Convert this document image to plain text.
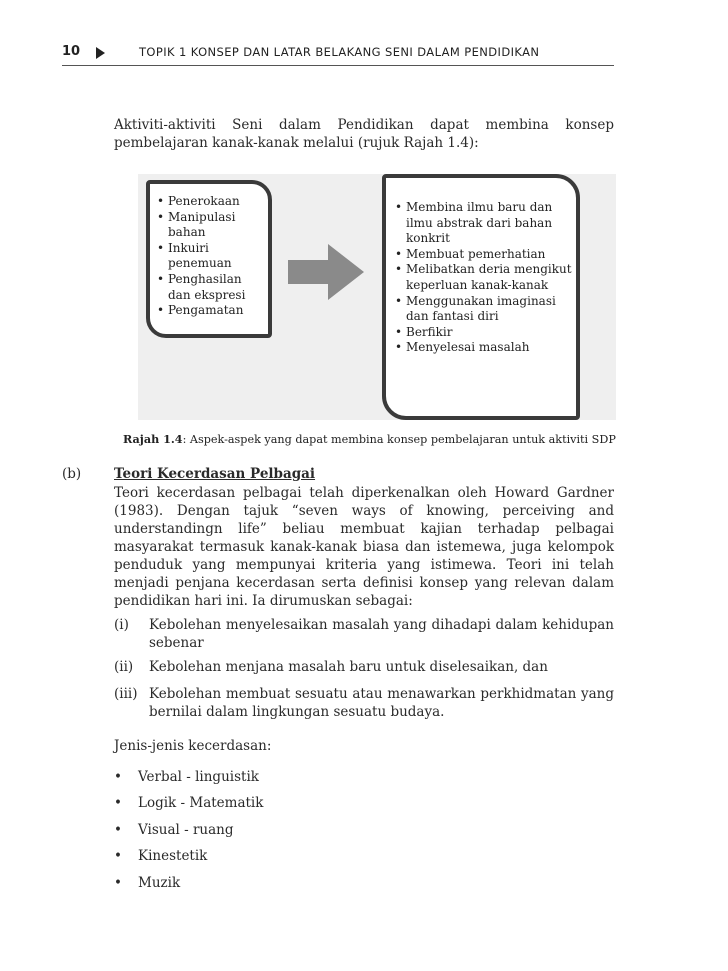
10	TOPIK 1 KONSEP DAN LATAR BELAKANG SENI DALAM PENDIDIKAN
Aktiviti-aktiviti Seni dalam Pendidikan dapat membina konsep pembelajaran kanak-kanak melalui (rujuk Rajah 1.4):
• Penerokaan
• Manipulasi bahan
• Inkuiri penemuan
• Penghasilan dan ekspresi
• Pengamatan
• Membina ilmu baru dan ilmu abstrak dari bahan konkrit
• Membuat pemerhatian
• Melibatkan deria mengikut keperluan kanak-kanak
• Menggunakan imaginasi dan fantasi diri
• Berfikir
• Menyelesai masalah
Rajah 1.4: Aspek-aspek yang dapat membina konsep pembelajaran untuk aktiviti SDP
(b) Teori Kecerdasan Pelbagai
Teori kecerdasan pelbagai telah diperkenalkan oleh Howard Gardner (1983). Dengan tajuk “seven ways of knowing, perceiving and understandingn life” beliau membuat kajian terhadap pelbagai masyarakat termasuk kanak-kanak biasa dan istemewa, juga kelompok penduduk yang mempunyai kriteria yang istimewa. Teori ini telah menjadi penjana kecerdasan serta definisi konsep yang relevan dalam pendidikan hari ini. Ia dirumuskan sebagai:
(i) Kebolehan menyelesaikan masalah yang dihadapi dalam kehidupan sebenar
(ii) Kebolehan menjana masalah baru untuk diselesaikan, dan
(iii) Kebolehan membuat sesuatu atau menawarkan perkhidmatan yang bernilai dalam lingkungan sesuatu budaya.
Jenis-jenis kecerdasan:
• Verbal - linguistik
• Logik - Matematik
• Visual - ruang
• Kinestetik
• Muzik
